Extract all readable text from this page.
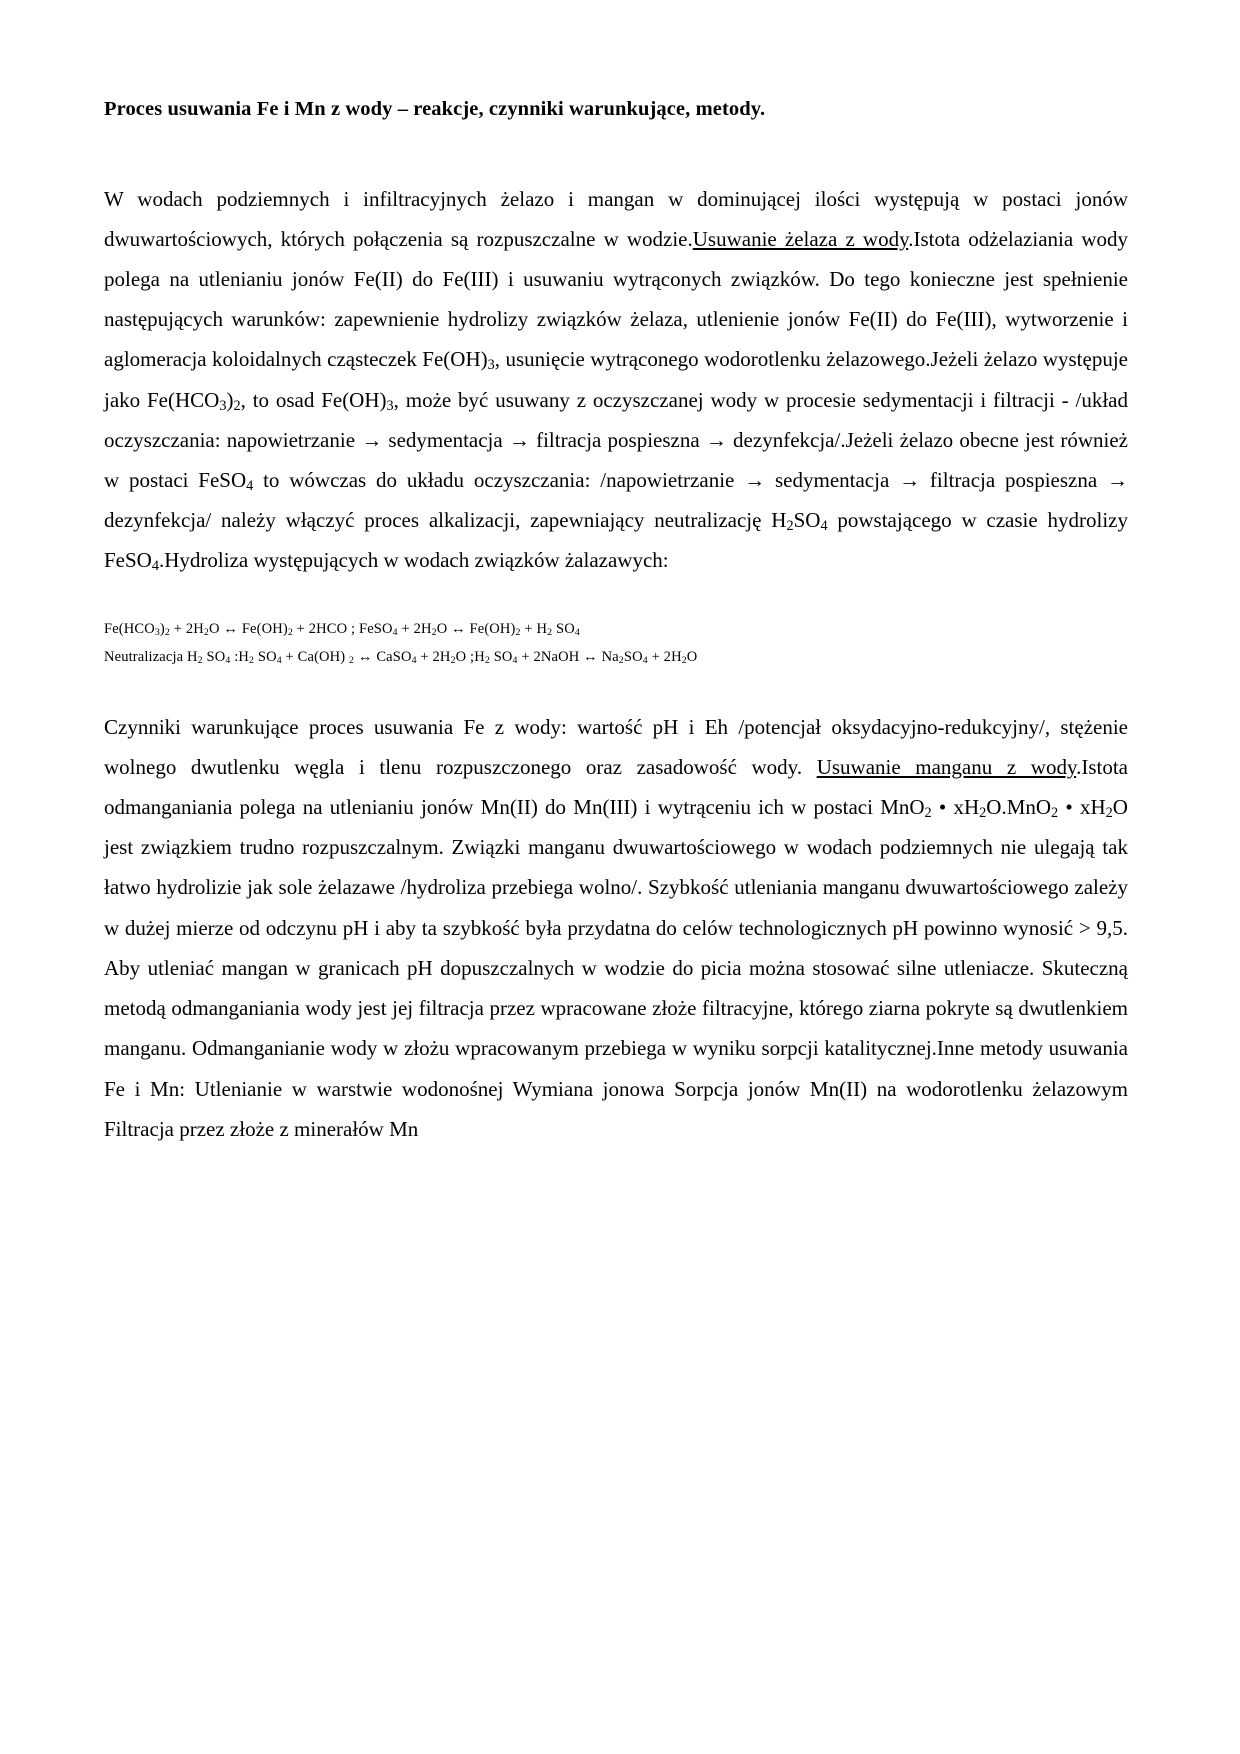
Proces usuwania Fe i Mn z wody – reakcje, czynniki warunkujące, metody.

W wodach podziemnych i infiltracyjnych żelazo i mangan w dominującej ilości występują w postaci jonów dwuwartościowych, których połączenia są rozpuszczalne w wodzie.Usuwanie żelaza z wody.Istota odżelaziania wody polega na utlenianiu jonów Fe(II) do Fe(III) i usuwaniu wytrąconych związków. Do tego konieczne jest spełnienie następujących warunków: zapewnienie hydrolizy związków żelaza, utlenienie jonów Fe(II) do Fe(III), wytworzenie i aglomeracja koloidalnych cząsteczek $Fe(OH)_3$, usunięcie wytrąconego wodorotlenku żelazowego.Jeżeli żelazo występuje jako $Fe(HCO_3)_2$, to osad $Fe(OH)_3$, może być usuwany z oczyszczanej wody w procesie sedymentacji i filtracji - /układ oczyszczania: napowietrzanie → sedymentacja → filtracja pospieszna → dezynfekcja/.Jeżeli żelazo obecne jest również w postaci FeSO$_4$ to wówczas do układu oczyszczania: /napowietrzanie → sedymentacja → filtracja pospieszna → dezynfekcja/ należy włączyć proces alkalizacji, zapewniający neutralizację $H_2SO_4$ powstającego w czasie hydrolizy FeSO$_4$.Hydroliza występujących w wodach związków żalazawych:

$Fe(HCO_3)_2 + 2H_2O$ ↔ $Fe(OH)_2 + 2HCO$ ; FeSO$_4$ + $2H_2O$ ↔ $Fe(OH)_2 + H_2$ $SO_4$
Neutralizacja $H_2$ $SO_4$ $:H_2$ $SO_4 + Ca(OH)$ $_2$ ↔ CaSO$_4$ + $2H_2O$ $;H_2$ $SO_4$ + 2NaOH ↔ $Na_2SO_4 + 2H_2O$

Czynniki warunkujące proces usuwania Fe z wody: wartość pH i Eh /potencjał oksydacyjno-redukcyjny/, stężenie wolnego dwutlenku węgla i tlenu rozpuszczonego oraz zasadowość wody. Usuwanie manganu z wody.Istota odmanganiania polega na utlenianiu jonów Mn(II) do Mn(III) i wytrąceniu ich w postaci MnO$_2$ • $xH_2O.MnO_2$ • $xH_2O$ jest związkiem trudno rozpuszczalnym. Związki manganu dwuwartościowego w wodach podziemnych nie ulegają tak łatwo hydrolizie jak sole żelazawe /hydroliza przebiega wolno/. Szybkość utleniania manganu dwuwartościowego zależy w dużej mierze od odczynu pH i aby ta szybkość była przydatna do celów technologicznych pH powinno wynosić > 9,5. Aby utleniać mangan w granicach pH dopuszczalnych w wodzie do picia można stosować silne utleniacze. Skuteczną metodą odmanganiania wody jest jej filtracja przez wpracowane złoże filtracyjne, którego ziarna pokryte są dwutlenkiem manganu. Odmanganianie wody w złożu wpracowanym przebiega w wyniku sorpcji katalitycznej.Inne metody usuwania Fe i Mn: Utlenianie w warstwie wodonośnej Wymiana jonowa Sorpcja jonów Mn(II) na wodorotlenku żelazowym Filtracja przez złoże z minerałów Mn
